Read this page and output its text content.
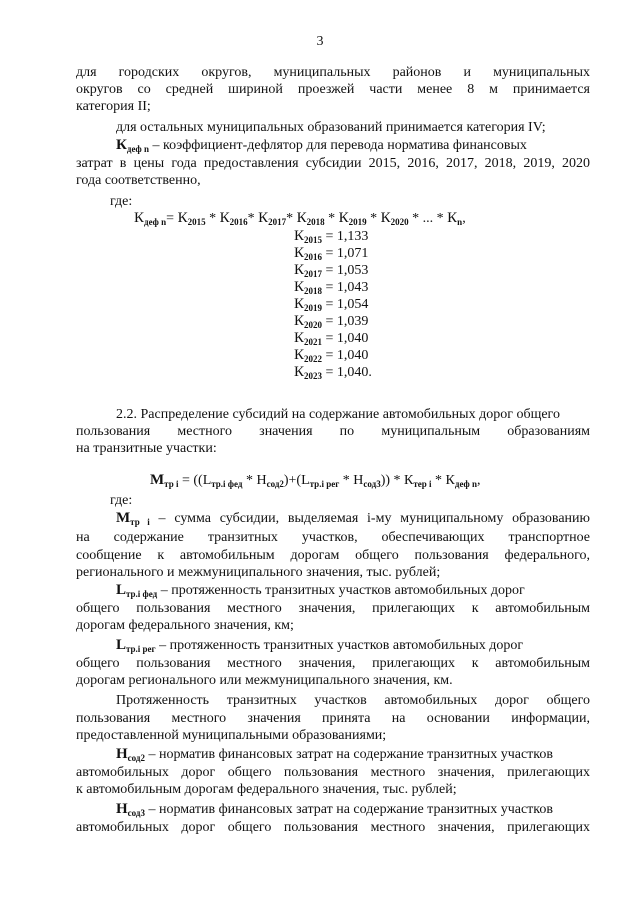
3
для городских округов, муниципальных районов и муниципальных
округов со средней шириной проезжей части менее 8 м принимается
категория II;
для остальных муниципальных образований принимается категория IV;
$К_{деф n}$ – коэффициент-дефлятор для перевода норматива финансовых
затрат в цены года предоставления субсидии 2015, 2016, 2017, 2018, 2019, 2020
года соответственно,
где:
$К_{деф n}= К_{2015} * К_{2016}*$ $К_{2017}*$ $К_{2018} * К_{2019} * К_{2020}$ * ... * $К_n$,
$К_{2015} = 1,133$
$К_{2016} = 1,071$
$К_{2017} = 1,053$
$К_{2018} = 1,043$
$К_{2019} = 1,054$
$К_{2020} = 1,039$
$К_{2021} = 1,040$
$К_{2022} = 1,040$
$К_{2023} = 1,040$.
2.2. Распределение субсидий на содержание автомобильных дорог общего
пользования местного значения по муниципальным образованиям
на транзитные участки:
$М_{тр i} = ((L_{тр.i фед} * Н_{сод2})+(L_{тр.i рег} * Н_{сод3})) * К_{тер i} * К_{деф n}$,
где:
$М_{тр i}$ – сумма субсидии, выделяемая i-му муниципальному образованию
на содержание транзитных участков, обеспечивающих транспортное
сообщение к автомобильным дорогам общего пользования федерального,
регионального и межмуниципального значения, тыс. рублей;
$L_{тр.i фед}$ – протяженность транзитных участков автомобильных дорог
общего пользования местного значения, прилегающих к автомобильным
дорогам федерального значения, км;
$L_{тр.i рег}$ – протяженность транзитных участков автомобильных дорог
общего пользования местного значения, прилегающих к автомобильным
дорогам регионального или межмуниципального значения, км.
Протяженность транзитных участков автомобильных дорог общего
пользования местного значения принята на основании информации,
предоставленной муниципальными образованиями;
$Н_{сод2}$ – норматив финансовых затрат на содержание транзитных участков
автомобильных дорог общего пользования местного значения, прилегающих
к автомобильным дорогам федерального значения, тыс. рублей;
$Н_{сод3}$ – норматив финансовых затрат на содержание транзитных участков
автомобильных дорог общего пользования местного значения, прилегающих
